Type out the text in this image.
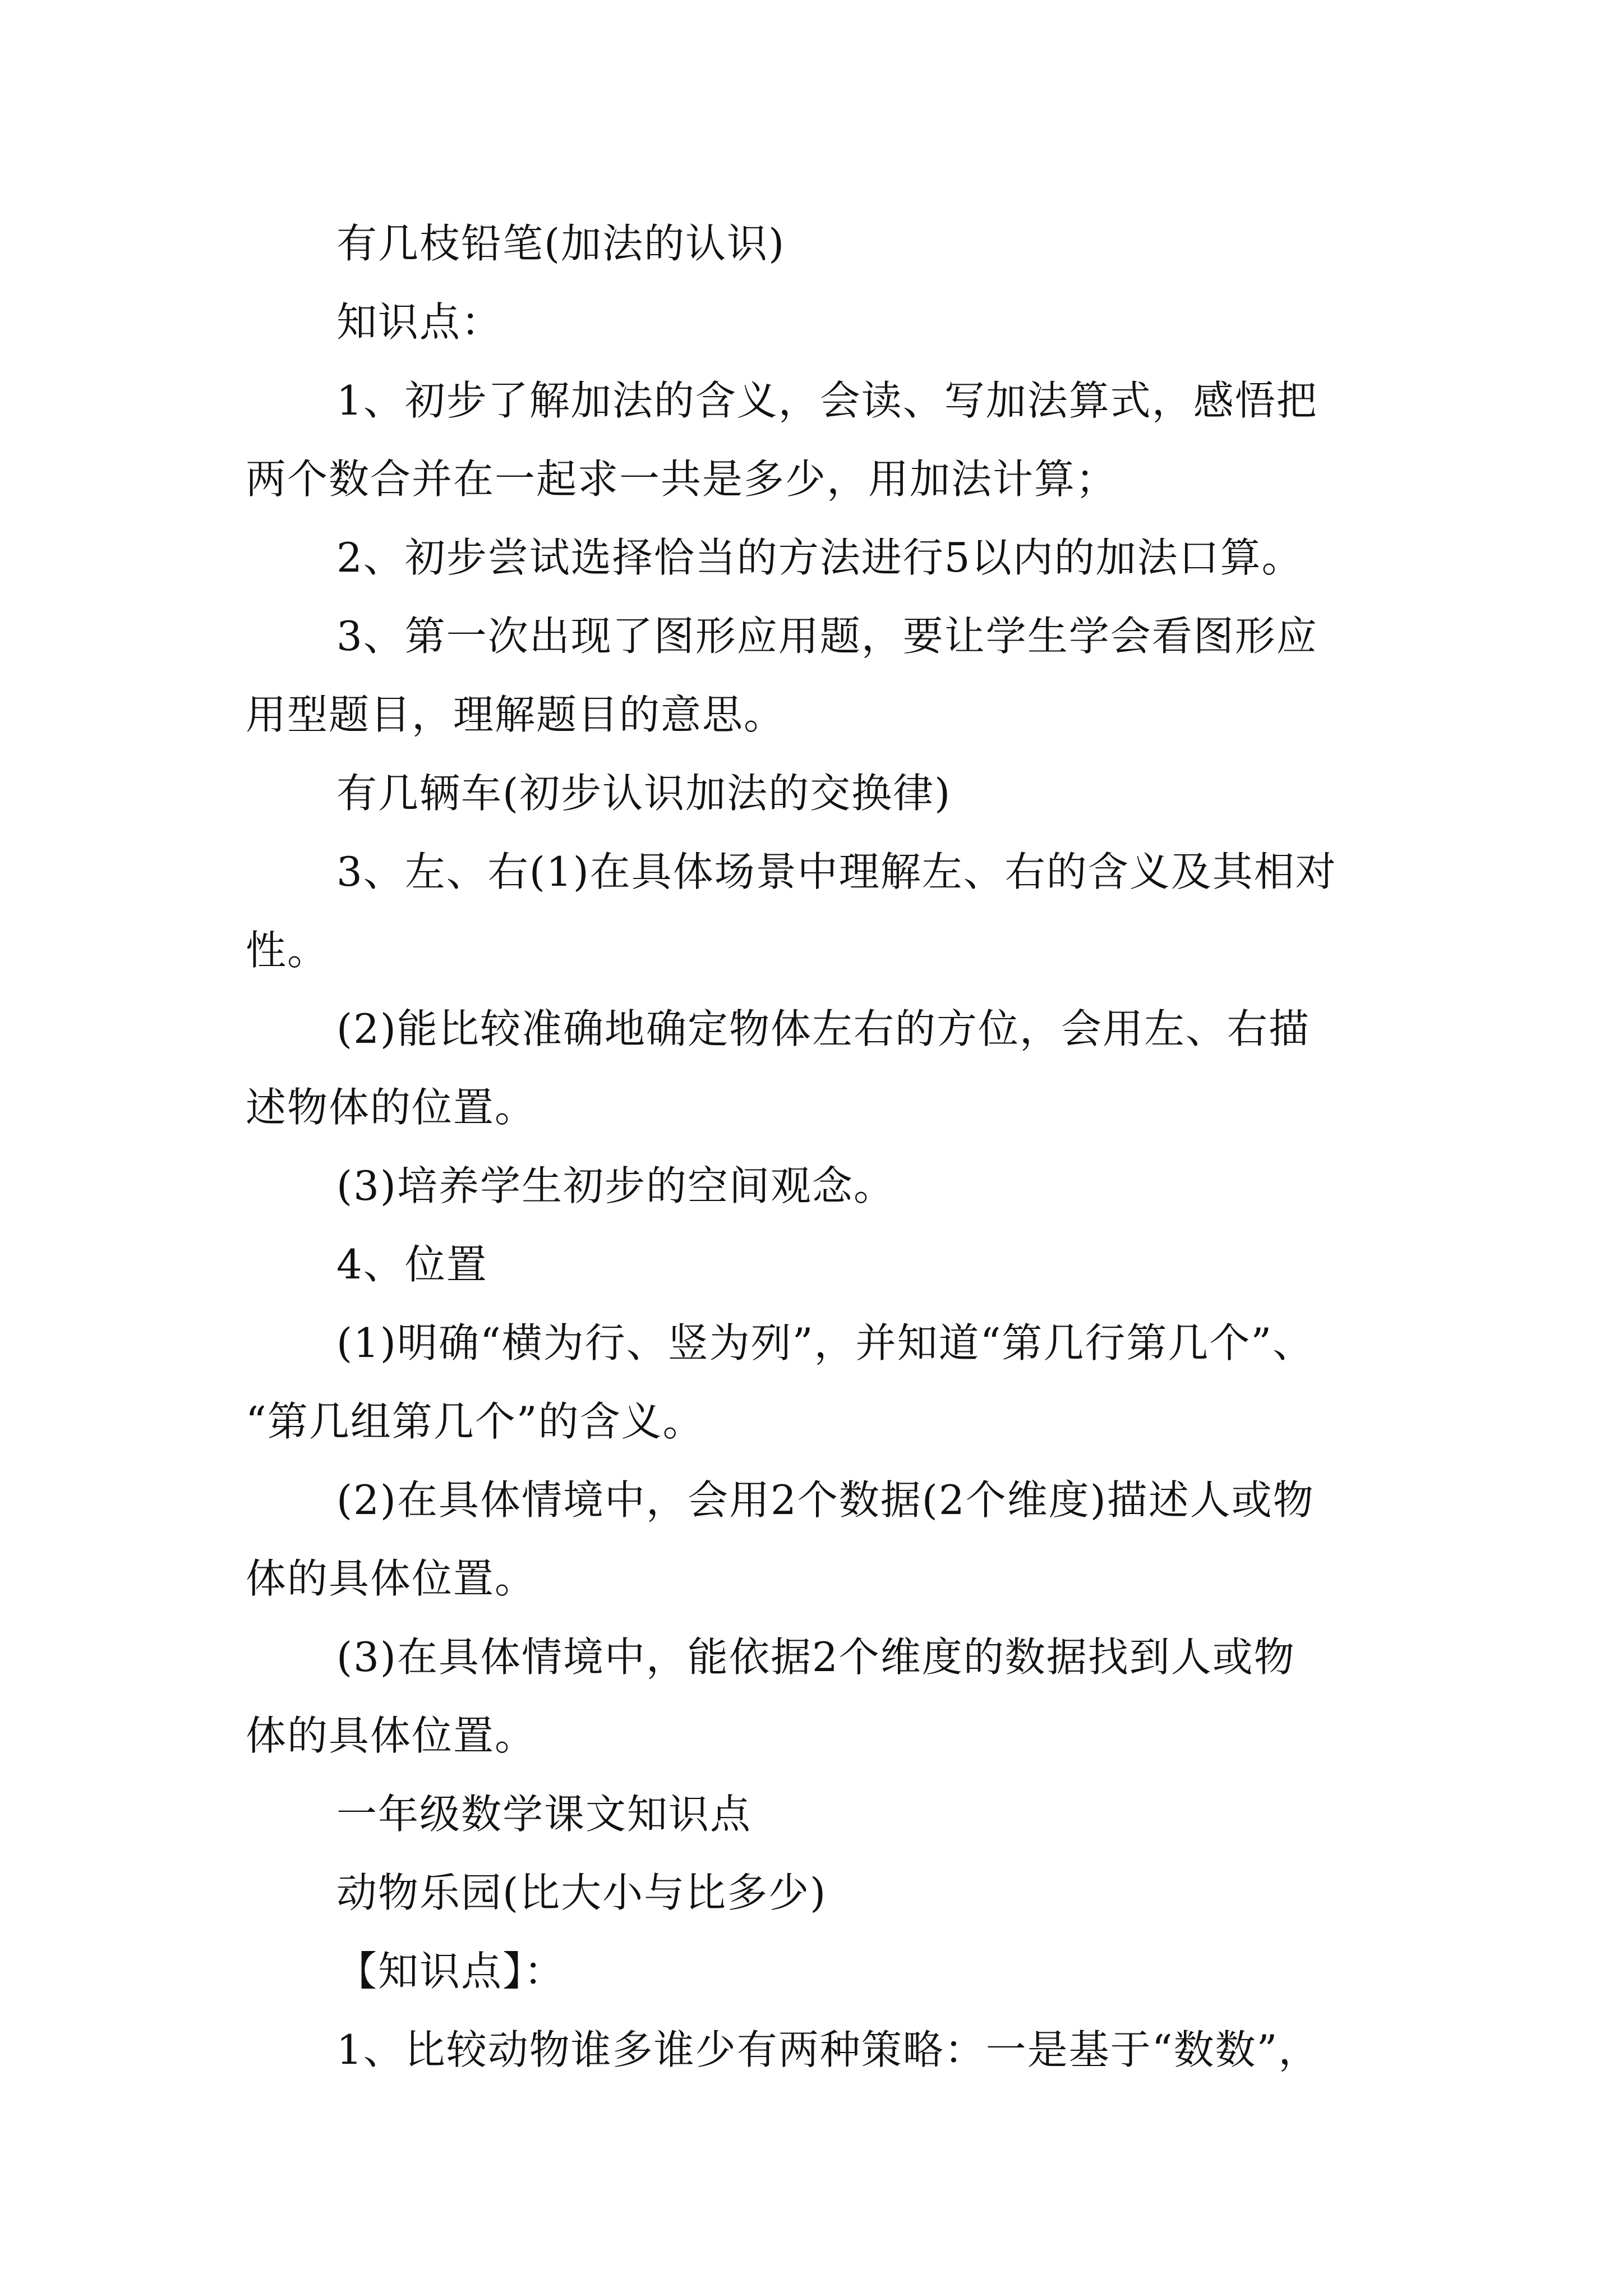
有几枝铅笔(加法的认识)
知识点：
1、初步了解加法的含义，会读、写加法算式，感悟把
两个数合并在一起求一共是多少，用加法计算；
2、初步尝试选择恰当的方法进行5以内的加法口算。
3、第一次出现了图形应用题，要让学生学会看图形应
用型题目，理解题目的意思。
有几辆车(初步认识加法的交换律)
3、左、右(1)在具体场景中理解左、右的含义及其相对
性。
(2)能比较准确地确定物体左右的方位，会用左、右描
述物体的位置。
(3)培养学生初步的空间观念。
4、位置
(1)明确“横为行、竖为列”，并知道“第几行第几个”、
“第几组第几个”的含义。
(2)在具体情境中，会用2个数据(2个维度)描述人或物
体的具体位置。
(3)在具体情境中，能依据2个维度的数据找到人或物
体的具体位置。
一年级数学课文知识点
动物乐园(比大小与比多少)
【知识点】：
1、比较动物谁多谁少有两种策略：一是基于“数数”，
